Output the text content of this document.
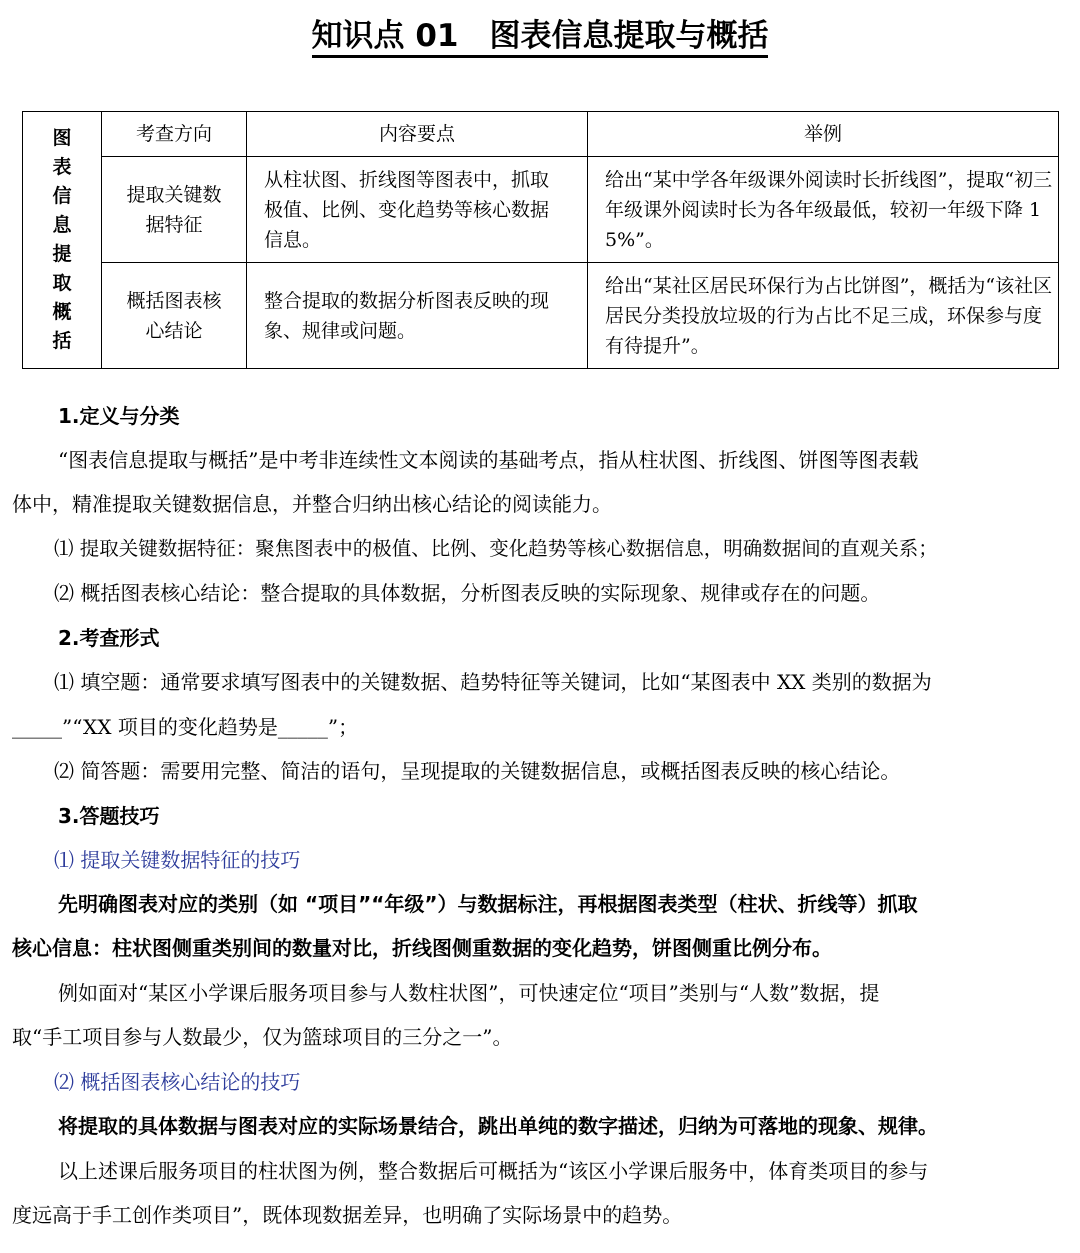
知识点 01　图表信息提取与概括
图表信息提取概括	考查方向	内容要点	举例

	提取关键数据特征	从柱状图、折线图等图表中，抓取极值、比例、变化趋势等核心数据信息。	给出“某中学各年级课外阅读时长折线图”，提取“初三年级课外阅读时长为各年级最低，较初一年级下降 15%”。

	概括图表核心结论	整合提取的数据分析图表反映的现象、规律或问题。	给出“某社区居民环保行为占比饼图”，概括为“该社区居民分类投放垃圾的行为占比不足三成，环保参与度有待提升”。
1.定义与分类
“图表信息提取与概括”是中考非连续性文本阅读的基础考点，指从柱状图、折线图、饼图等图表载
体中，精准提取关键数据信息，并整合归纳出核心结论的阅读能力。
⑴ 提取关键数据特征：聚焦图表中的极值、比例、变化趋势等核心数据信息，明确数据间的直观关系；
⑵ 概括图表核心结论：整合提取的具体数据，分析图表反映的实际现象、规律或存在的问题。
2.考查形式
⑴ 填空题：通常要求填写图表中的关键数据、趋势特征等关键词，比如“某图表中 XX 类别的数据为
_____”“XX 项目的变化趋势是_____”；
⑵ 简答题：需要用完整、简洁的语句，呈现提取的关键数据信息，或概括图表反映的核心结论。
3.答题技巧
⑴ 提取关键数据特征的技巧
先明确图表对应的类别（如 “项目”“年级”）与数据标注，再根据图表类型（柱状、折线等）抓取
核心信息：柱状图侧重类别间的数量对比，折线图侧重数据的变化趋势，饼图侧重比例分布。
例如面对“某区小学课后服务项目参与人数柱状图”，可快速定位“项目”类别与“人数”数据，提
取“手工项目参与人数最少，仅为篮球项目的三分之一”。
⑵ 概括图表核心结论的技巧
将提取的具体数据与图表对应的实际场景结合，跳出单纯的数字描述，归纳为可落地的现象、规律。
以上述课后服务项目的柱状图为例，整合数据后可概括为“该区小学课后服务中，体育类项目的参与
度远高于手工创作类项目”，既体现数据差异，也明确了实际场景中的趋势。
